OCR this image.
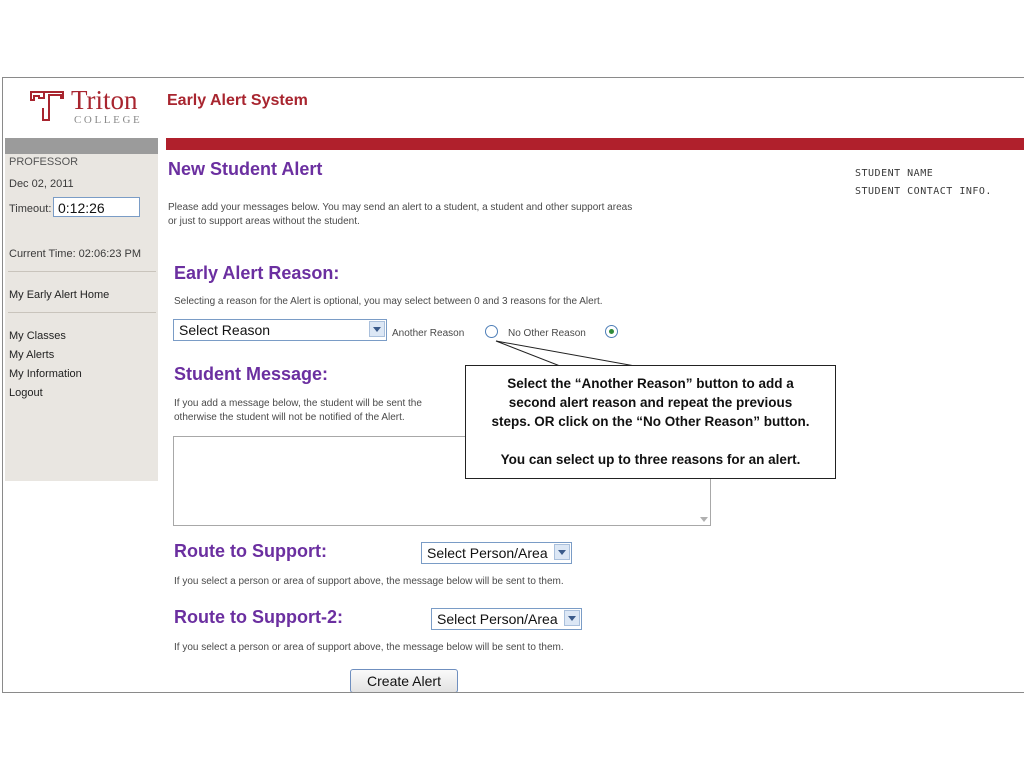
Triton
COLLEGE
Early Alert System
PROFESSOR
Dec 02, 2011
Timeout: 0:12:26
Current Time: 02:06:23 PM
My Early Alert Home
My Classes
My Alerts
My Information
Logout
STUDENT NAME
STUDENT CONTACT INFO.
New Student Alert
Please add your messages below. You may send an alert to a student, a student and other support areas
or just to support areas without the student.
Early Alert Reason:
Selecting a reason for the Alert is optional, you may select between 0 and 3 reasons for the Alert.
Select Reason	Another Reason	No Other Reason
Student Message:
If you add a message below, the student will be sent the
otherwise the student will not be notified of the Alert.
Route to Support:	Select Person/Area
If you select a person or area of support above, the message below will be sent to them.
Route to Support-2:	Select Person/Area
If you select a person or area of support above, the message below will be sent to them.
Create Alert

Select the “Another Reason” button to add a

second alert reason and repeat the previous

steps. OR click on the “No Other Reason” button.

You can select up to three reasons for an alert.
